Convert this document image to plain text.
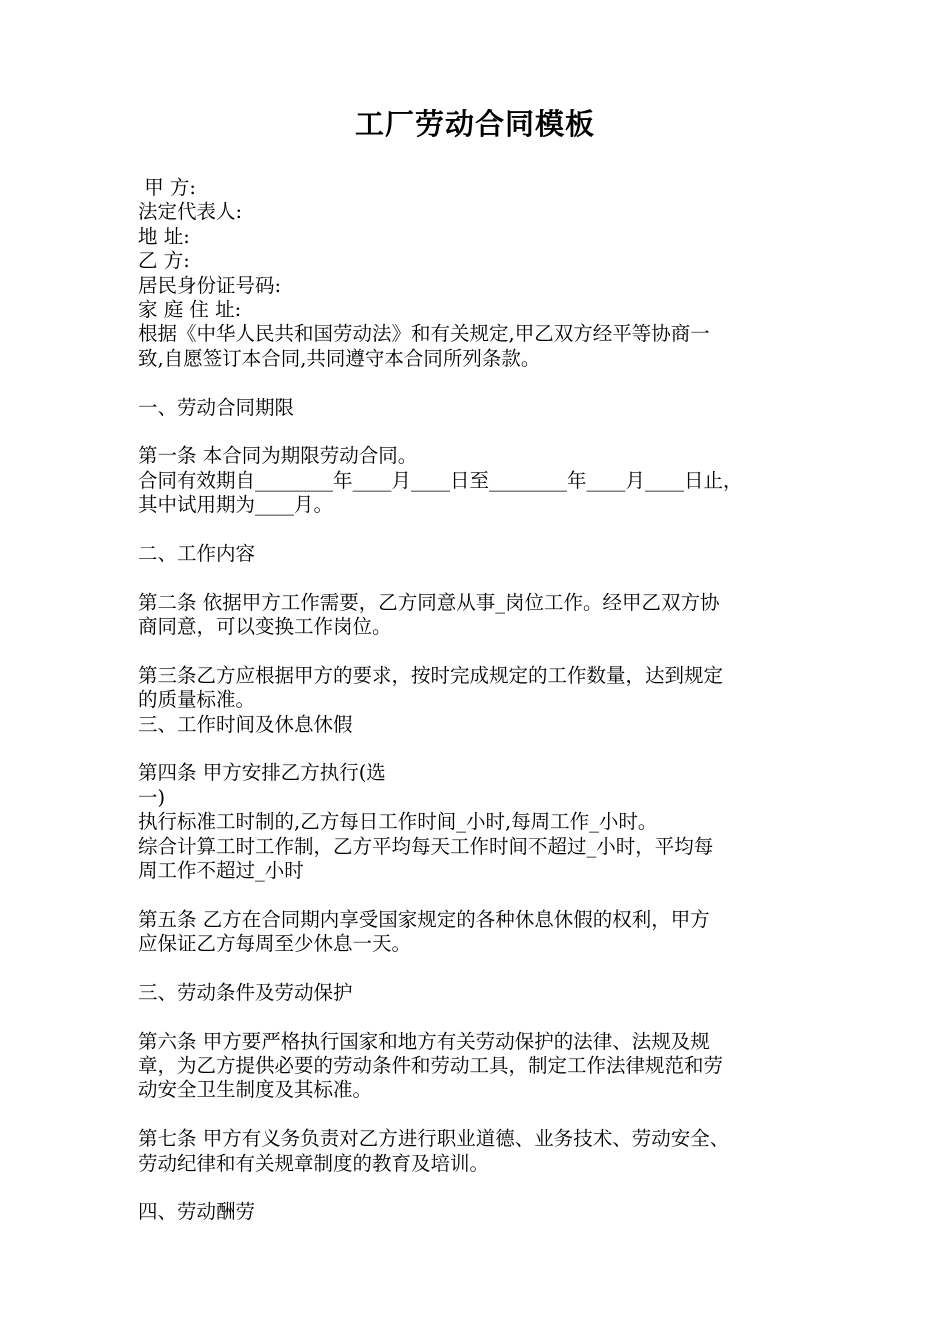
工厂劳动合同模板
甲 方:
法定代表人:
地 址:
乙 方:
居民身份证号码:
家 庭 住 址:
根据《中华人民共和国劳动法》和有关规定,甲乙双方经平等协商一
致,自愿签订本合同,共同遵守本合同所列条款。
一、劳动合同期限
第一条 本合同为期限劳动合同。
合同有效期自________年____月____日至________年____月____日止，
其中试用期为____月。
二、工作内容
第二条 依据甲方工作需要，乙方同意从事_岗位工作。经甲乙双方协
商同意，可以变换工作岗位。
第三条乙方应根据甲方的要求，按时完成规定的工作数量，达到规定
的质量标准。
三、工作时间及休息休假
第四条 甲方安排乙方执行(选
一)
执行标准工时制的,乙方每日工作时间_小时,每周工作_小时。
综合计算工时工作制，乙方平均每天工作时间不超过_小时，平均每
周工作不超过_小时
第五条 乙方在合同期内享受国家规定的各种休息休假的权利，甲方
应保证乙方每周至少休息一天。
三、劳动条件及劳动保护
第六条 甲方要严格执行国家和地方有关劳动保护的法律、法规及规
章，为乙方提供必要的劳动条件和劳动工具，制定工作法律规范和劳
动安全卫生制度及其标准。
第七条 甲方有义务负责对乙方进行职业道德、业务技术、劳动安全、
劳动纪律和有关规章制度的教育及培训。
四、劳动酬劳
